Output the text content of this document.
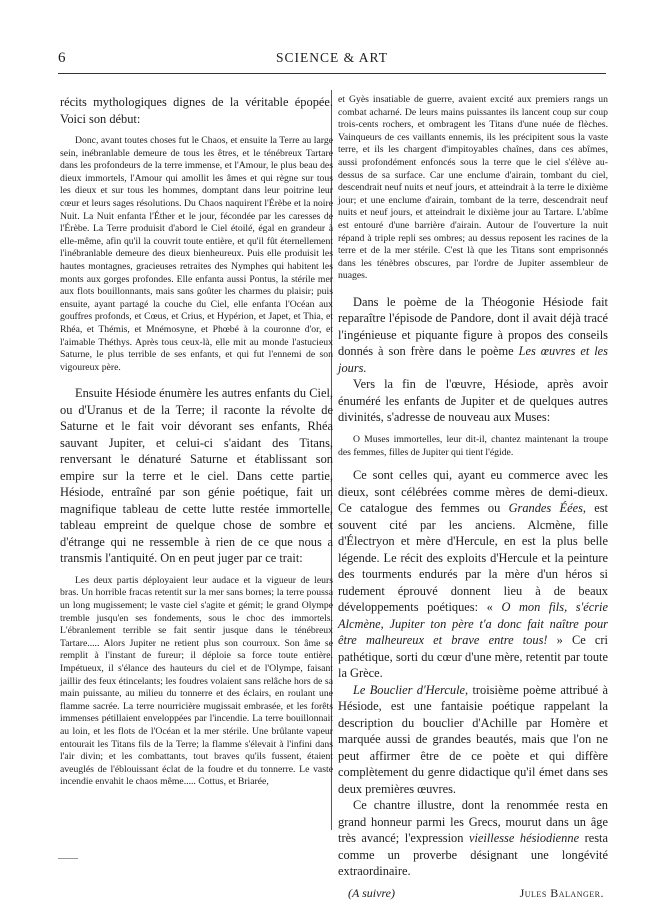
6	SCIENCE & ART

récits mythologiques dignes de la véritable épopée. Voici son début:

Donc, avant toutes choses fut le Chaos, et ensuite la Terre au large sein, inébranlable demeure de tous les êtres, et le ténébreux Tartare dans les profondeurs de la terre immense, et l'Amour, le plus beau des dieux immortels, l'Amour qui amollit les âmes et qui règne sur tous les dieux et sur tous les hommes, domptant dans leur poitrine leur cœur et leurs sages résolutions. Du Chaos naquirent l'Érèbe et la noire Nuit. La Nuit enfanta l'Éther et le jour, fécondée par les caresses de l'Érèbe. La Terre produisit d'abord le Ciel étoilé, égal en grandeur à elle-même, afin qu'il la couvrit toute entière, et qu'il fût éternellement l'inébranlable demeure des dieux bienheureux. Puis elle produisit les hautes montagnes, gracieuses retraites des Nymphes qui habitent les monts aux gorges profondes. Elle enfanta aussi Pontus, la stérile mer aux flots bouillonnants, mais sans goûter les charmes du plaisir; puis ensuite, ayant partagé la couche du Ciel, elle enfanta l'Océan aux gouffres profonds, et Cœus, et Crius, et Hypérion, et Japet, et Thia, et Rhéa, et Thémis, et Mnémosyne, et Phœbé à la couronne d'or, et l'aimable Théthys. Après tous ceux-là, elle mit au monde l'astucieux Saturne, le plus terrible de ses enfants, et qui fut l'ennemi de son vigoureux père.

Ensuite Hésiode énumère les autres enfants du Ciel, ou d'Uranus et de la Terre; il raconte la révolte de Saturne et le fait voir dévorant ses enfants, Rhéa sauvant Jupiter, et celui-ci s'aidant des Titans, renversant le dénaturé Saturne et établissant son empire sur la terre et le ciel. Dans cette partie, Hésiode, entraîné par son génie poétique, fait un magnifique tableau de cette lutte restée immortelle, tableau empreint de quelque chose de sombre et d'étrange qui ne ressemble à rien de ce que nous a transmis l'antiquité. On en peut juger par ce trait:

Les deux partis déployaient leur audace et la vigueur de leurs bras. Un horrible fracas retentit sur la mer sans bornes; la terre poussa un long mugissement; le vaste ciel s'agite et gémit; le grand Olympe tremble jusqu'en ses fondements, sous le choc des immortels. L'ébranlement terrible se fait sentir jusque dans le ténébreux Tartare..... Alors Jupiter ne retient plus son courroux. Son âme se remplit à l'instant de fureur; il déploie sa force toute entière. Impétueux, il s'élance des hauteurs du ciel et de l'Olympe, faisant jaillir des feux étincelants; les foudres volaient sans relâche hors de sa main puissante, au milieu du tonnerre et des éclairs, en roulant une flamme sacrée. La terre nourricière mugissait embrasée, et les forêts immenses pétillaient enveloppées par l'incendie. La terre bouillonnait au loin, et les flots de l'Océan et la mer stérile. Une brûlante vapeur entourait les Titans fils de la Terre; la flamme s'élevait à l'infini dans l'air divin; et les combattants, tout braves qu'ils fussent, étaient aveuglés de l'éblouissant éclat de la foudre et du tonnerre. Le vaste incendie envahit le chaos même..... Cottus, et Briarée,

et Gyès insatiable de guerre, avaient excité aux premiers rangs un combat acharné. De leurs mains puissantes ils lancent coup sur coup trois-cents rochers, et ombragent les Titans d'une nuée de flèches. Vainqueurs de ces vaillants ennemis, ils les précipitent sous la vaste terre, et ils les chargent d'impitoyables chaînes, dans ces abîmes, aussi profondément enfoncés sous la terre que le ciel s'élève au-dessus de sa surface. Car une enclume d'airain, tombant du ciel, descendrait neuf nuits et neuf jours, et atteindrait à la terre le dixième jour; et une enclume d'airain, tombant de la terre, descendrait neuf nuits et neuf jours, et atteindrait le dixième jour au Tartare. L'abîme est entouré d'une barrière d'airain. Autour de l'ouverture la nuit répand à triple repli ses ombres; au dessus reposent les racines de la terre et de la mer stérile. C'est là que les Titans sont emprisonnés dans les ténèbres obscures, par l'ordre de Jupiter assembleur de nuages.

Dans le poème de la Théogonie Hésiode fait reparaître l'épisode de Pandore, dont il avait déjà tracé l'ingénieuse et piquante figure à propos des conseils donnés à son frère dans le poème Les œuvres et les jours.

Vers la fin de l'œuvre, Hésiode, après avoir énuméré les enfants de Jupiter et de quelques autres divinités, s'adresse de nouveau aux Muses:

O Muses immortelles, leur dit-il, chantez maintenant la troupe des femmes, filles de Jupiter qui tient l'égide.

Ce sont celles qui, ayant eu commerce avec les dieux, sont célébrées comme mères de demi-dieux. Ce catalogue des femmes ou Grandes Éées, est souvent cité par les anciens. Alcmène, fille d'Électryon et mère d'Hercule, en est la plus belle légende. Le récit des exploits d'Hercule et la peinture des tourments endurés par la mère d'un héros si rudement éprouvé donnent lieu à de beaux développements poétiques: « O mon fils, s'écrie Alcmène, Jupiter ton père t'a donc fait naître pour être malheureux et brave entre tous! » Ce cri pathétique, sorti du cœur d'une mère, retentit par toute la Grèce.

Le Bouclier d'Hercule, troisième poème attribué à Hésiode, est une fantaisie poétique rappelant la description du bouclier d'Achille par Homère et marquée aussi de grandes beautés, mais que l'on ne peut affirmer être de ce poète et qui diffère complètement du genre didactique qu'il émet dans ses deux premières œuvres.

Ce chantre illustre, dont la renommée resta en grand honneur parmi les Grecs, mourut dans un âge très avancé; l'expression vieillesse hésiodienne resta comme un proverbe désignant une longévité extraordinaire.

(A suivre)	Jules Balanger.
